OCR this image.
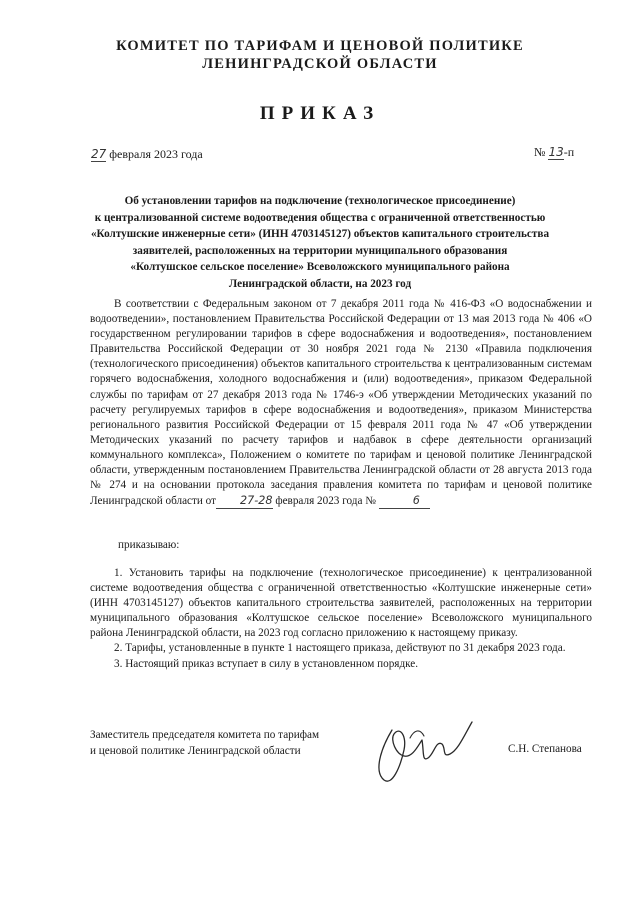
КОМИТЕТ ПО ТАРИФАМ И ЦЕНОВОЙ ПОЛИТИКЕ
ЛЕНИНГРАДСКОЙ ОБЛАСТИ
ПРИКАЗ
27 февраля 2023 года	№ 13-п
Об установлении тарифов на подключение (технологическое присоединение)
к централизованной системе водоотведения общества с ограниченной ответственностью
«Колтушские инженерные сети» (ИНН 4703145127) объектов капитального строительства
заявителей, расположенных на территории муниципального образования
«Колтушское сельское поселение» Всеволожского муниципального района
Ленинградской области, на 2023 год

В соответствии с Федеральным законом от 7 декабря 2011 года № 416-ФЗ «О водоснабжении и водоотведении», постановлением Правительства Российской Федерации от 13 мая 2013 года № 406 «О государственном регулировании тарифов в сфере водоснабжения и водоотведения», постановлением Правительства Российской Федерации от 30 ноября 2021 года № 2130 «Правила подключения (технологического присоединения) объектов капитального строительства к централизованным системам горячего водоснабжения, холодного водоснабжения и (или) водоотведения», приказом Федеральной службы по тарифам от 27 декабря 2013 года № 1746-э «Об утверждении Методических указаний по расчету регулируемых тарифов в сфере водоснабжения и водоотведения», приказом Министерства регионального развития Российской Федерации от 15 февраля 2011 года № 47 «Об утверждении Методических указаний по расчету тарифов и надбавок в сфере деятельности организаций коммунального комплекса», Положением о комитете по тарифам и ценовой политике Ленинградской области, утвержденным постановлением Правительства Ленинградской области от 28 августа 2013 года № 274 и на основании протокола заседания правления комитета по тарифам и ценовой политике Ленинградской области от 27-28 февраля 2023 года №	6

приказываю:

1. Установить тарифы на подключение (технологическое присоединение) к централизованной системе водоотведения общества с ограниченной ответственностью «Колтушские инженерные сети» (ИНН 4703145127) объектов капитального строительства заявителей, расположенных на территории муниципального образования «Колтушское сельское поселение» Всеволожского муниципального района Ленинградской области, на 2023 год согласно приложению к настоящему приказу.

2. Тарифы, установленные в пункте 1 настоящего приказа, действуют по 31 декабря 2023 года.

3. Настоящий приказ вступает в силу в установленном порядке.

Заместитель председателя комитета по тарифам
и ценовой политике Ленинградской области	С.Н. Степанова
